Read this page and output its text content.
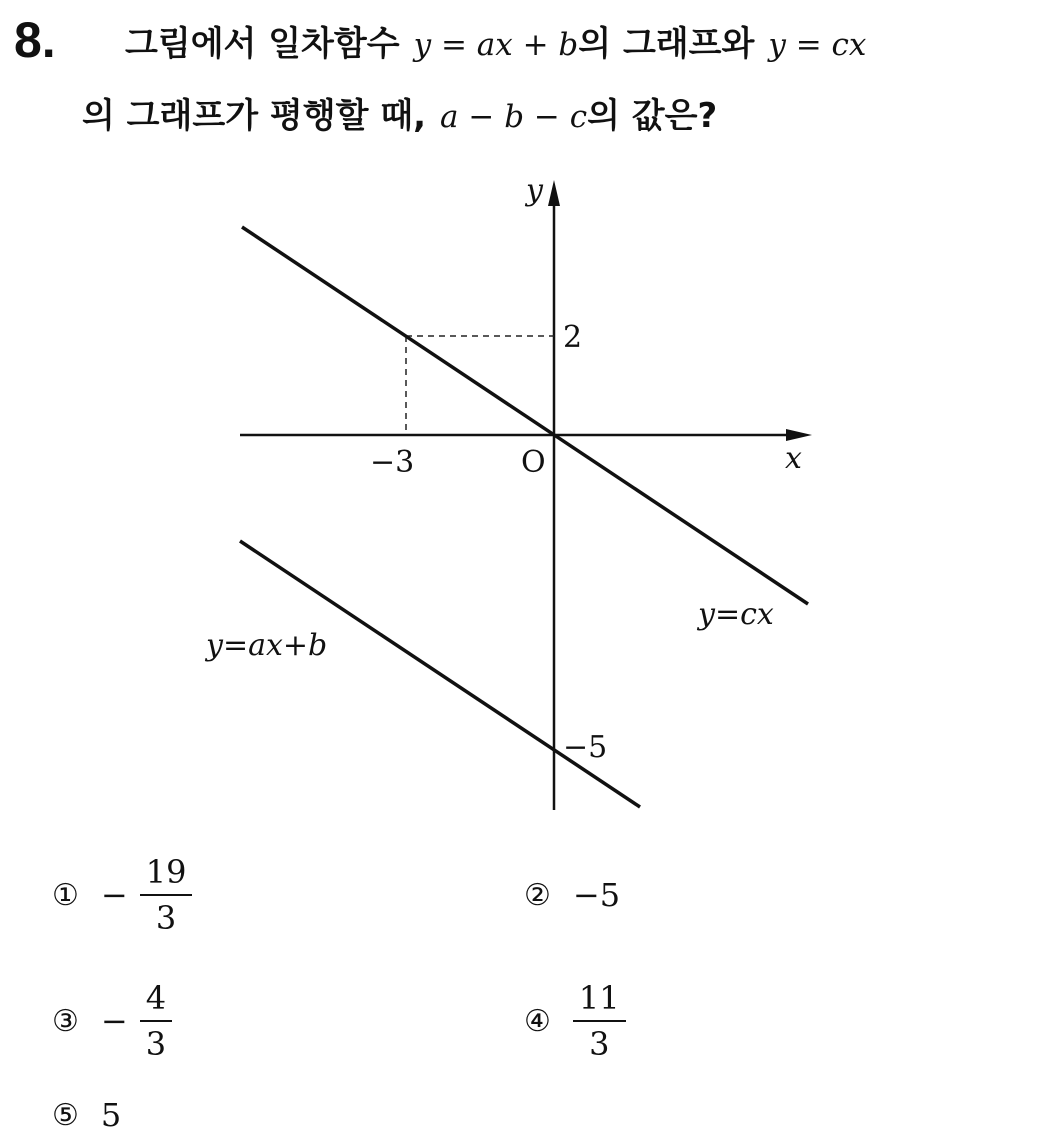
8. 그림에서 일차함수 y = ax + b의 그래프와 y = cx
의 그래프가 평행할 때, a − b − c의 값은?
y
x
O
−3
2
−5
y=cx
y=ax+b
① − $\frac{19}{3}$	② −5
③ − $\frac{4}{3}$	④ $\frac{11}{3}$
⑤ 5
